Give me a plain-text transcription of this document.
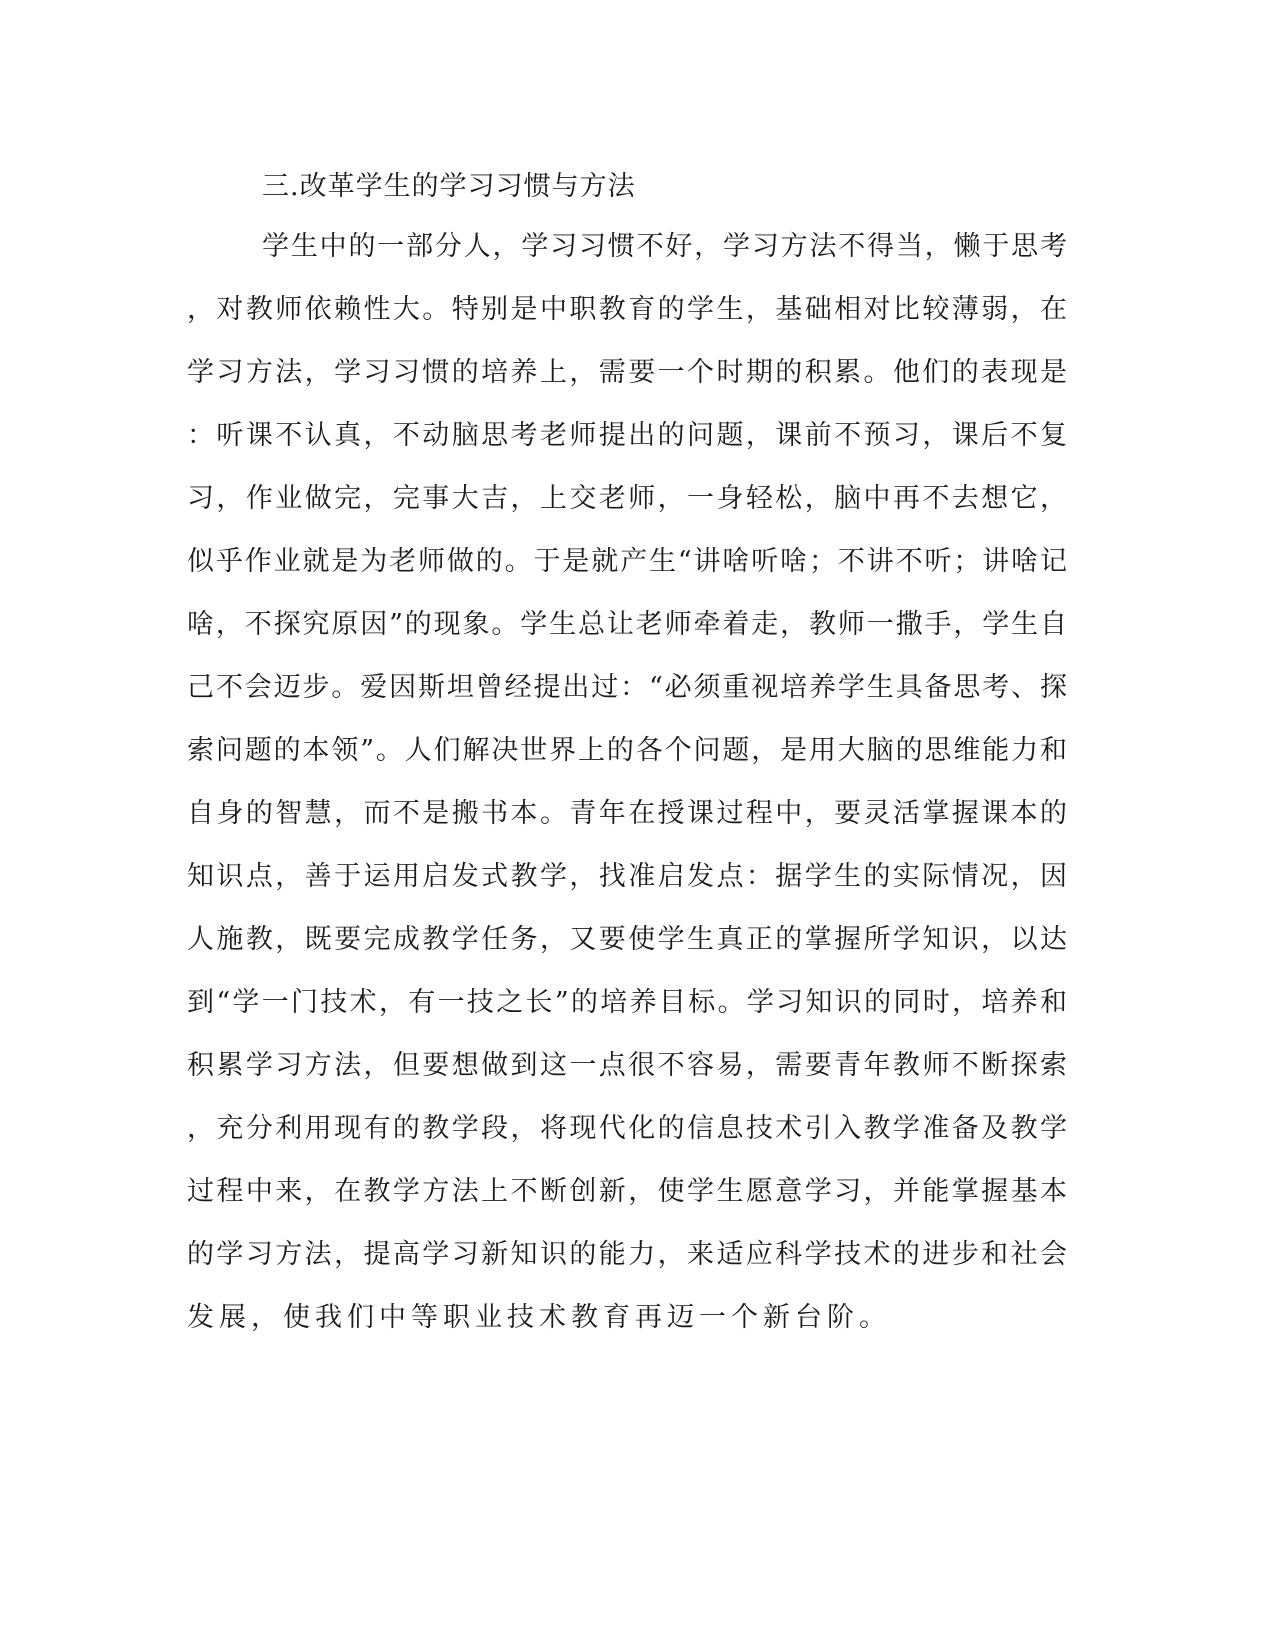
三.改革学生的学习习惯与方法
学生中的一部分人，学习习惯不好，学习方法不得当，懒于思考
，对教师依赖性大。特别是中职教育的学生，基础相对比较薄弱，在
学习方法，学习习惯的培养上，需要一个时期的积累。他们的表现是
：听课不认真，不动脑思考老师提出的问题，课前不预习，课后不复
习，作业做完，完事大吉，上交老师，一身轻松，脑中再不去想它，
似乎作业就是为老师做的。于是就产生“讲啥听啥；不讲不听；讲啥记
啥，不探究原因”的现象。学生总让老师牵着走，教师一撒手，学生自
己不会迈步。爱因斯坦曾经提出过：“必须重视培养学生具备思考、探
索问题的本领”。人们解决世界上的各个问题，是用大脑的思维能力和
自身的智慧，而不是搬书本。青年在授课过程中，要灵活掌握课本的
知识点，善于运用启发式教学，找准启发点：据学生的实际情况，因
人施教，既要完成教学任务，又要使学生真正的掌握所学知识，以达
到“学一门技术，有一技之长”的培养目标。学习知识的同时，培养和
积累学习方法，但要想做到这一点很不容易，需要青年教师不断探索
，充分利用现有的教学段，将现代化的信息技术引入教学准备及教学
过程中来，在教学方法上不断创新，使学生愿意学习，并能掌握基本
的学习方法，提高学习新知识的能力，来适应科学技术的进步和社会
发展，使我们中等职业技术教育再迈一个新台阶。
